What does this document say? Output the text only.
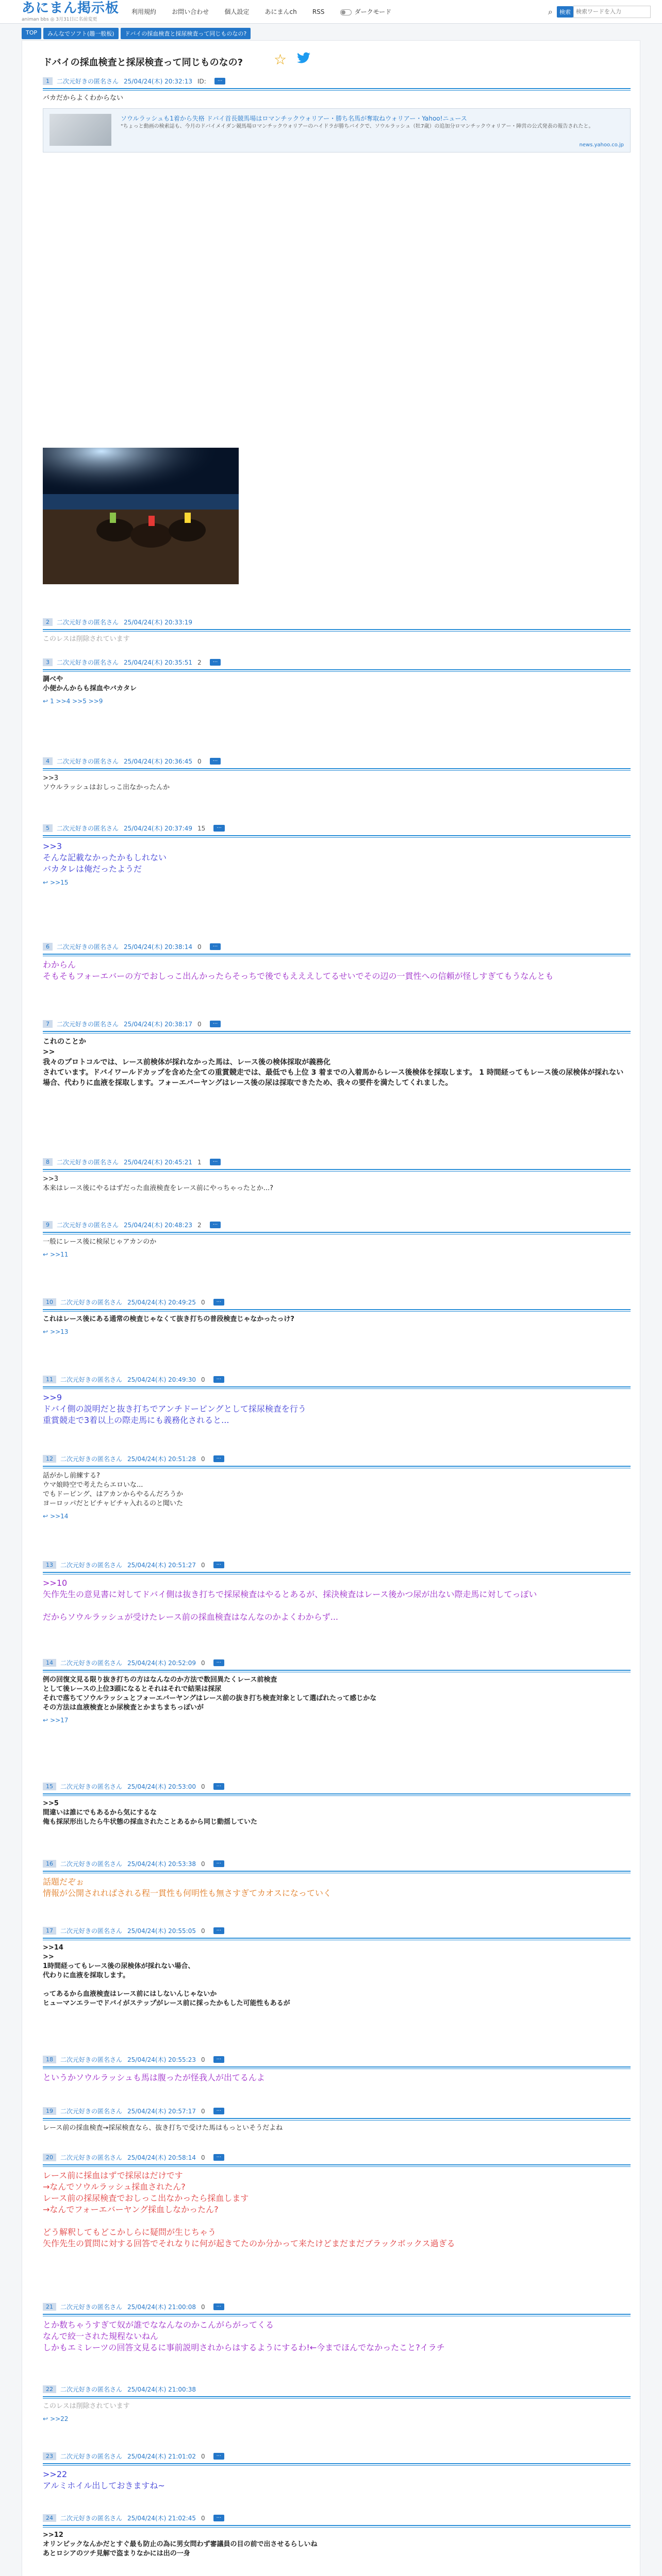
あにまん掲示板
animan bbs ◎ 3月31日に名前変更
利用規約	お問い合わせ	個人設定	あにまんch	RSS	ダークモード	⌕	検索
検索ワードを入力
TOP	みんなでソフト(趣一般板)	ドバイの採血検査と採尿検査って同じものなの?
ドバイの採血検査と採尿検査って同じものなの? ☆
1	二次元好きの匿名さん 25/04/24(木) 20:32:13 ID:	···
バカだからよくわからない
ソウルラッシュも1着から失格 ドバイ首長競馬場はロマンチックウォリアー・勝ち名馬が奪取ねウォリアー・Yahoo!ニュース
"ちょっと動画の検索誌も、今月のドバイメイダン競馬場ロマンチックウォリアーのハイドラが勝ちバイクで、ソウルラッシュ（牡7歳）の追加分ロマンチックウォリアー・陣営の公式発表の報告されたと。
news.yahoo.co.jp
2	二次元好きの匿名さん 25/04/24(木) 20:33:19
このレスは削除されています
3	二次元好きの匿名さん 25/04/24(木) 20:35:51 2	···
調べや
小便かんからも採血やバカタレ
↩ 1 >>4 >>5 >>9
4	二次元好きの匿名さん 25/04/24(木) 20:36:45 0	···
>>3
ソウルラッシュはおしっこ出なかったんか
5	二次元好きの匿名さん 25/04/24(木) 20:37:49 15	···
>>3
そんな記載なかったかもしれない
バカタレは俺だったようだ
↩ >>15
6	二次元好きの匿名さん 25/04/24(木) 20:38:14 0	···
わからん
そもそもフォーエバーの方でおしっこ出んかったらそっちで後でもえええしてるせいでその辺の一貫性への信頼が怪しすぎてもうなんとも
7	二次元好きの匿名さん 25/04/24(木) 20:38:17 0	···
これのことか
>>
我々のプロトコルでは、レース前検体が採れなかった馬は、レース後の検体採取が義務化
されています。ドバイワールドカップを含めた全ての重賞競走では、最低でも上位 3 着までの入着馬からレース後検体を採取します。 1 時間経ってもレース後の尿検体が採れない場合、代わりに血液を採取します。フォーエバーヤングはレース後の尿は採取できたため、我々の要件を満たしてくれました。
8	二次元好きの匿名さん 25/04/24(木) 20:45:21 1	···
>>3
本来はレース後にやるはずだった血液検査をレース前にやっちゃったとか...?
9	二次元好きの匿名さん 25/04/24(木) 20:48:23 2	···
一般にレース後に検尿じゃアカンのか
↩ >>11
10	二次元好きの匿名さん 25/04/24(木) 20:49:25 0	···
これはレース後にある通常の検査じゃなくて抜き打ちの普段検査じゃなかったっけ?
↩ >>13
11	二次元好きの匿名さん 25/04/24(木) 20:49:30 0	···
>>9
ドバイ側の説明だと抜き打ちでアンチドーピングとして採尿検査を行う
重賞競走で3着以上の際走馬にも義務化されると...
12	二次元好きの匿名さん 25/04/24(木) 20:51:28 0	···
話がかし前練する?
ウマ娘時空で考えたらエロいな...
でもドーピング、はアカンからやるんだろうか
ヨーロッパだとビチャビチャ入れるのと聞いた
↩ >>14
13	二次元好きの匿名さん 25/04/24(木) 20:51:27 0	···
>>10
矢作先生の意見書に対してドバイ側は抜き打ちで採尿検査はやるとあるが、採決検査はレース後かつ尿が出ない際走馬に対してっぽい

だからソウルラッシュが受けたレース前の採血検査はなんなのかよくわからず...
14	二次元好きの匿名さん 25/04/24(木) 20:52:09 0	···
例の回復文見る限り抜き打ちの方はなんなのか方法で数回異たくレース前検査
として後レースの上位3頭になるとそれはそれで結果は採尿
それで落ちてソウルラッシュとフォーエバーヤングはレース前の抜き打ち検査対象として選ばれたって感じかな
その方法は血液検査とか尿検査とかまちまちっぽいが
↩ >>17
15	二次元好きの匿名さん 25/04/24(木) 20:53:00 0	···
>>5
間違いは誰にでもあるから気にするな
俺も採尿形出したら牛状態の採血されたことあるから同じ動揺していた
16	二次元好きの匿名さん 25/04/24(木) 20:53:38 0	···
話題だぞぉ
情報が公開されればされる程一貫性も何明性も無さすぎてカオスになっていく
17	二次元好きの匿名さん 25/04/24(木) 20:55:05 0	···
>>14
>>
1時間経ってもレース後の尿検体が採れない場合、
代わりに血液を採取します。

ってあるから血液検査はレース前にはしないんじゃないか
ヒューマンエラーでドバイがステップがレース前に採ったかもした可能性もあるが
18	二次元好きの匿名さん 25/04/24(木) 20:55:23 0	···
というかソウルラッシュも馬は腹ったが怪我人が出てるんよ
19	二次元好きの匿名さん 25/04/24(木) 20:57:17 0	···
レース前の採血検査→採尿検査なら、抜き打ちで受けた馬はもっといそうだよね
20	二次元好きの匿名さん 25/04/24(木) 20:58:14 0	···
レース前に採血はずで採尿はだけです
→なんでソウルラッシュ採血されたん?
レース前の採尿検査でおしっこ出なかったら採血します
→なんでフォーエバーヤング採血しなかったん?

どう解釈してもどこかしらに疑問が生じちゃう
矢作先生の質問に対する回答でそれなりに何が起きてたのか分かって来たけどまだまだブラックボックス過ぎる
21	二次元好きの匿名さん 25/04/24(木) 21:00:08 0	···
とか数ちゃうすぎて奴が誰でななんなのかこんがらがってくる
なんで絞一された規程ないねん
しかもエミレーツの回答文見るに事前説明されからはするようにするわ!←今までほんでなかったこと?イラチ
22	二次元好きの匿名さん 25/04/24(木) 21:00:38
このレスは削除されています
↩ >>22
23	二次元好きの匿名さん 25/04/24(木) 21:01:02 0	···
>>22
アルミホイル出しておきますね~
24	二次元好きの匿名さん 25/04/24(木) 21:02:45 0	···
>>12
オリンピックなんかだとすぐ最も防止の為に男女問わず審議員の目の前で出させるらしいね
あとロシアのツチ見解で盗まりなかには出の一身
